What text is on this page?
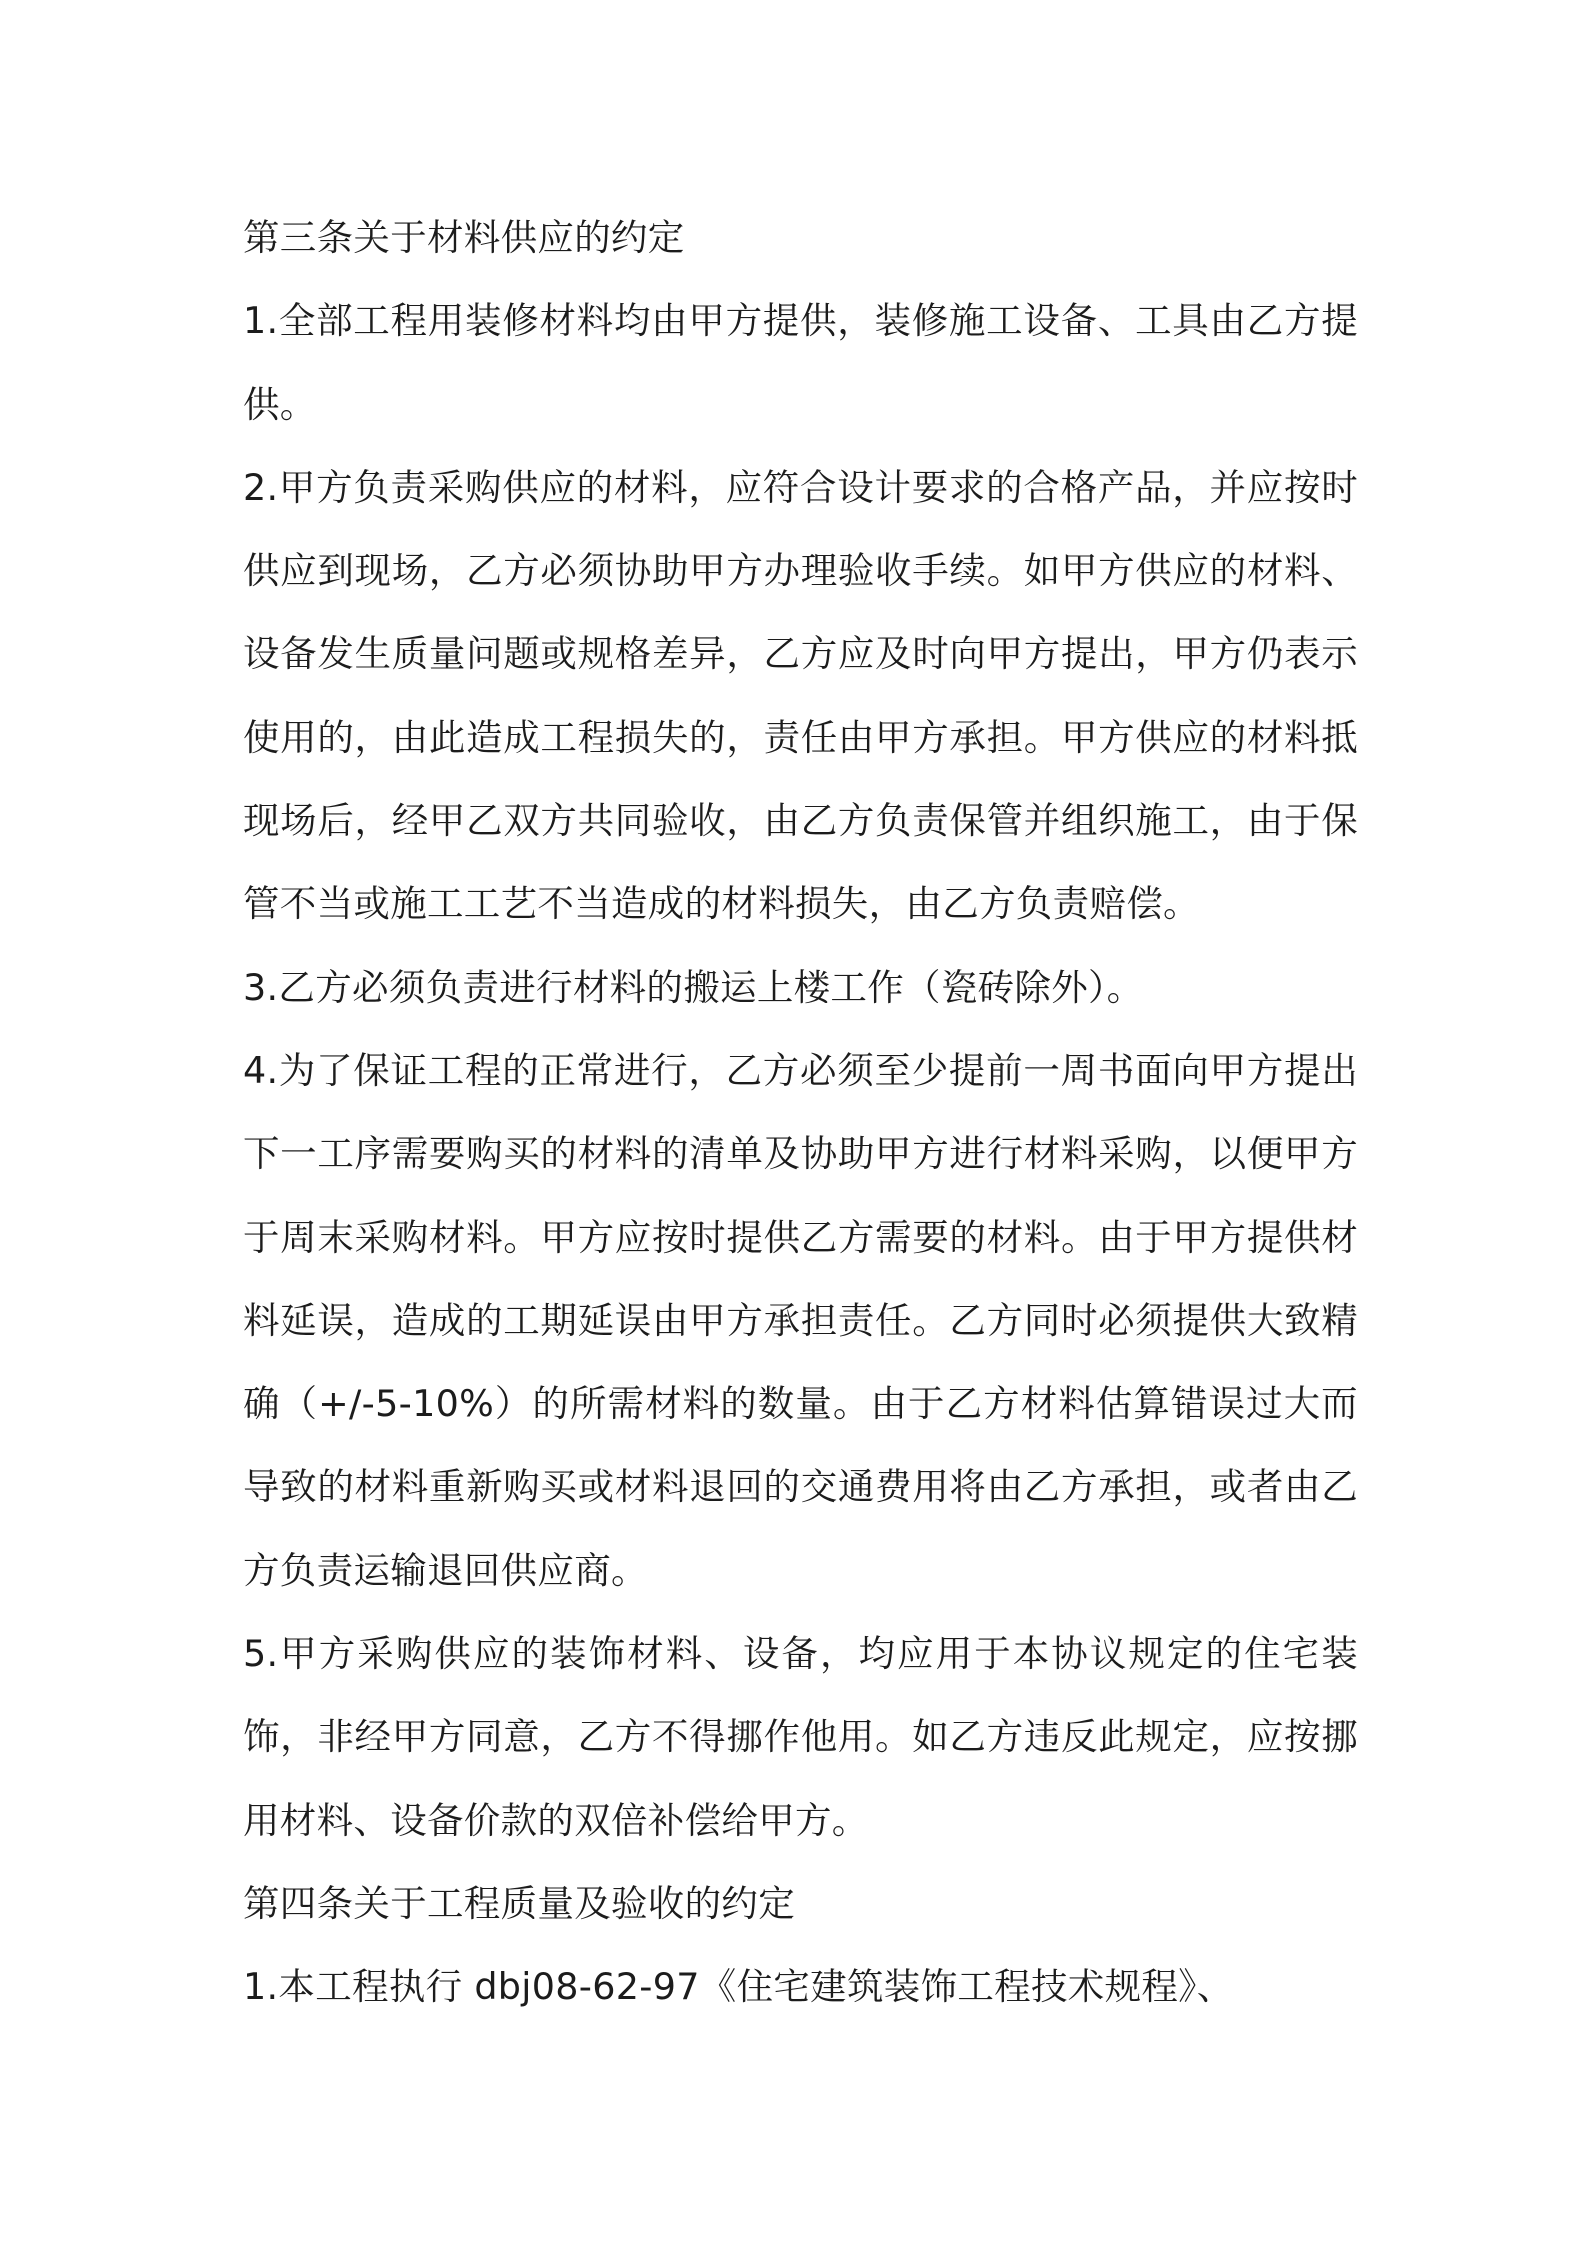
第三条关于材料供应的约定

1.全部工程用装修材料均由甲方提供，装修施工设备、工具由乙方提供。

2.甲方负责采购供应的材料，应符合设计要求的合格产品，并应按时供应到现场，乙方必须协助甲方办理验收手续。如甲方供应的材料、设备发生质量问题或规格差异，乙方应及时向甲方提出，甲方仍表示使用的，由此造成工程损失的，责任由甲方承担。甲方供应的材料抵现场后，经甲乙双方共同验收，由乙方负责保管并组织施工，由于保管不当或施工工艺不当造成的材料损失，由乙方负责赔偿。

3.乙方必须负责进行材料的搬运上楼工作（瓷砖除外）。

4.为了保证工程的正常进行，乙方必须至少提前一周书面向甲方提出下一工序需要购买的材料的清单及协助甲方进行材料采购，以便甲方于周末采购材料。甲方应按时提供乙方需要的材料。由于甲方提供材料延误，造成的工期延误由甲方承担责任。乙方同时必须提供大致精确（+/-5-10%）的所需材料的数量。由于乙方材料估算错误过大而导致的材料重新购买或材料退回的交通费用将由乙方承担，或者由乙方负责运输退回供应商。

5.甲方采购供应的装饰材料、设备，均应用于本协议规定的住宅装饰，非经甲方同意，乙方不得挪作他用。如乙方违反此规定，应按挪用材料、设备价款的双倍补偿给甲方。

第四条关于工程质量及验收的约定

1.本工程执行 dbj08-62-97《住宅建筑装饰工程技术规程》、
